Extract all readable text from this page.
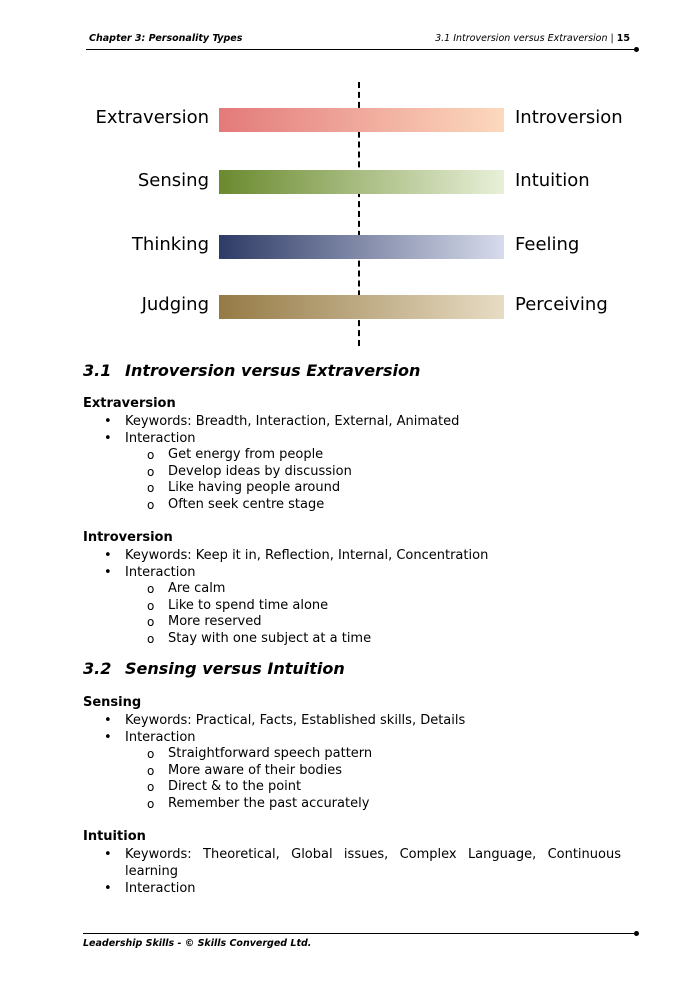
Chapter 3: Personality Types	3.1 Introversion versus Extraversion | 15
Extraversion	Introversion
Sensing	Intuition
Thinking	Feeling
Judging	Perceiving
3.1 Introversion versus Extraversion
Extraversion
• Keywords: Breadth, Interaction, External, Animated
• Interaction
o Get energy from people
o Develop ideas by discussion
o Like having people around
o Often seek centre stage
Introversion
• Keywords: Keep it in, Reflection, Internal, Concentration
• Interaction
o Are calm
o Like to spend time alone
o More reserved
o Stay with one subject at a time
3.2 Sensing versus Intuition
Sensing
• Keywords: Practical, Facts, Established skills, Details
• Interaction
o Straightforward speech pattern
o More aware of their bodies
o Direct & to the point
o Remember the past accurately
Intuition
• Keywords: Theoretical, Global issues, Complex Language, Continuous learning
• Interaction
Leadership Skills - © Skills Converged Ltd.
